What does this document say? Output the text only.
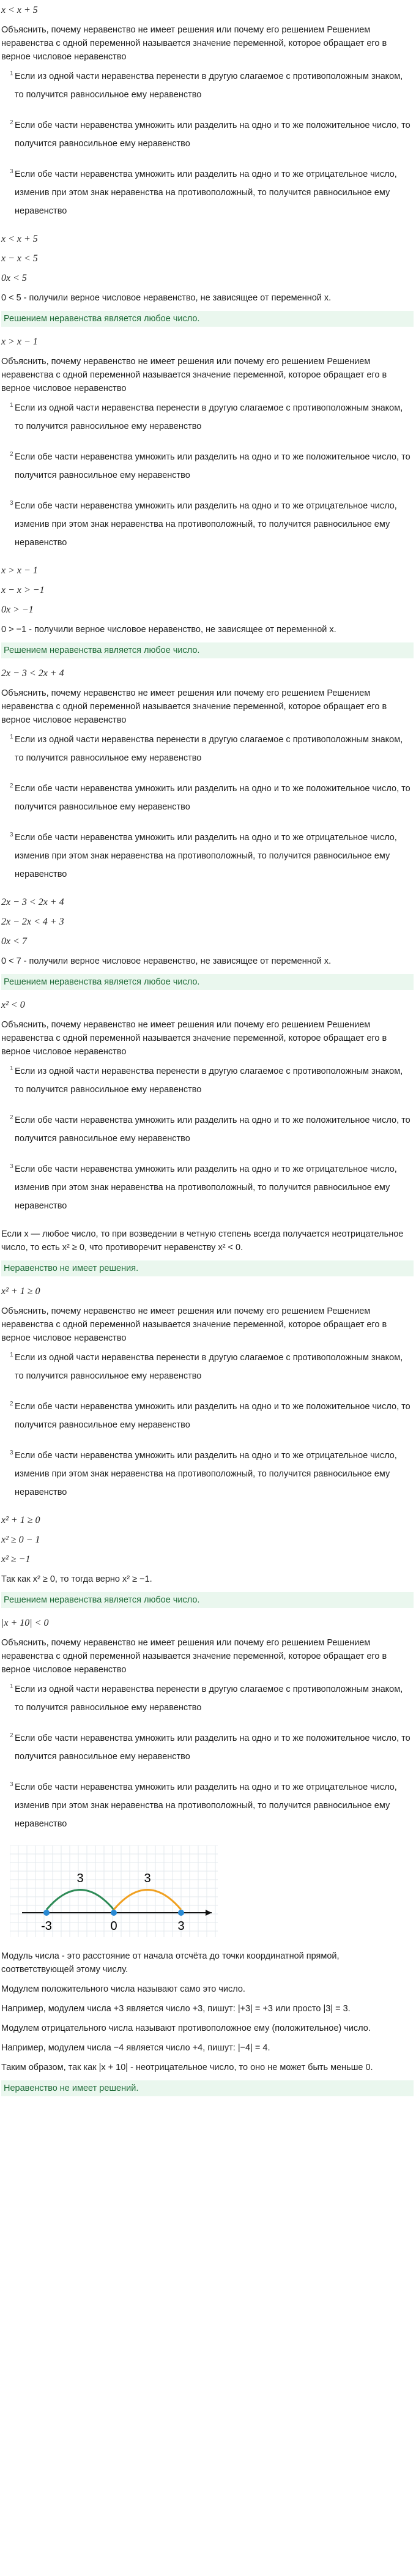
x < x + 5
Объяснить, почему неравенство не имеет решения или почему его решением Решением неравенства с одной переменной называется значение переменной, которое обращает его в верное числовое неравенство
1 Если из одной части неравенства перенести в другую слагаемое с противоположным знаком, то получится равносильное ему неравенство
2 Если обе части неравенства умножить или разделить на одно и то же положительное число, то получится равносильное ему неравенство
3 Если обе части неравенства умножить или разделить на одно и то же отрицательное число, изменив при этом знак неравенства на противоположный, то получится равносильное ему неравенство
x < x + 5
x − x < 5
0x < 5
0 < 5 - получили верное числовое неравенство, не зависящее от переменной x.
Решением неравенства является любое число.
x > x − 1
Объяснить, почему неравенство не имеет решения или почему его решением Решением неравенства с одной переменной называется значение переменной, которое обращает его в верное числовое неравенство
1 Если из одной части неравенства перенести в другую слагаемое с противоположным знаком, то получится равносильное ему неравенство
2 Если обе части неравенства умножить или разделить на одно и то же положительное число, то получится равносильное ему неравенство
3 Если обе части неравенства умножить или разделить на одно и то же отрицательное число, изменив при этом знак неравенства на противоположный, то получится равносильное ему неравенство
x > x − 1
x − x > −1
0x > −1
0 > −1 - получили верное числовое неравенство, не зависящее от переменной x.
Решением неравенства является любое число.
2x − 3 < 2x + 4
Объяснить, почему неравенство не имеет решения или почему его решением Решением неравенства с одной переменной называется значение переменной, которое обращает его в верное числовое неравенство
1 Если из одной части неравенства перенести в другую слагаемое с противоположным знаком, то получится равносильное ему неравенство
2 Если обе части неравенства умножить или разделить на одно и то же положительное число, то получится равносильное ему неравенство
3 Если обе части неравенства умножить или разделить на одно и то же отрицательное число, изменив при этом знак неравенства на противоположный, то получится равносильное ему неравенство
2x − 3 < 2x + 4
2x − 2x < 4 + 3
0x < 7
0 < 7 - получили верное числовое неравенство, не зависящее от переменной x.
Решением неравенства является любое число.
x² < 0
Объяснить, почему неравенство не имеет решения или почему его решением Решением неравенства с одной переменной называется значение переменной, которое обращает его в верное числовое неравенство
1 Если из одной части неравенства перенести в другую слагаемое с противоположным знаком, то получится равносильное ему неравенство
2 Если обе части неравенства умножить или разделить на одно и то же положительное число, то получится равносильное ему неравенство
3 Если обе части неравенства умножить или разделить на одно и то же отрицательное число, изменив при этом знак неравенства на противоположный, то получится равносильное ему неравенство
Если x — любое число, то при возведении в четную степень всегда получается неотрицательное число, то есть x² ≥ 0, что противоречит неравенству x² < 0.
Неравенство не имеет решения.
x² + 1 ≥ 0
Объяснить, почему неравенство не имеет решения или почему его решением Решением неравенства с одной переменной называется значение переменной, которое обращает его в верное числовое неравенство
1 Если из одной части неравенства перенести в другую слагаемое с противоположным знаком, то получится равносильное ему неравенство
2 Если обе части неравенства умножить или разделить на одно и то же положительное число, то получится равносильное ему неравенство
3 Если обе части неравенства умножить или разделить на одно и то же отрицательное число, изменив при этом знак неравенства на противоположный, то получится равносильное ему неравенство
x² + 1 ≥ 0
x² ≥ 0 − 1
x² ≥ −1
Так как x² ≥ 0, то тогда верно x² ≥ −1.
Решением неравенства является любое число.
|x + 10| < 0
Объяснить, почему неравенство не имеет решения или почему его решением Решением неравенства с одной переменной называется значение переменной, которое обращает его в верное числовое неравенство
1 Если из одной части неравенства перенести в другую слагаемое с противоположным знаком, то получится равносильное ему неравенство
2 Если обе части неравенства умножить или разделить на одно и то же положительное число, то получится равносильное ему неравенство
3 Если обе части неравенства умножить или разделить на одно и то же отрицательное число, изменив при этом знак неравенства на противоположный, то получится равносильное ему неравенство
3	3
-3	0	3
Модуль числа - это расстояние от начала отсчёта до точки координатной прямой, соответствующей этому числу.
Модулем положительного числа называют само это число.
Например, модулем числа +3 является число +3, пишут: |+3| = +3 или просто |3| = 3.
Модулем отрицательного числа называют противоположное ему (положительное) число.
Например, модулем числа −4 является число +4, пишут: |−4| = 4.
Таким образом, так как |x + 10| - неотрицательное число, то оно не может быть меньше 0.
Неравенство не имеет решений.
